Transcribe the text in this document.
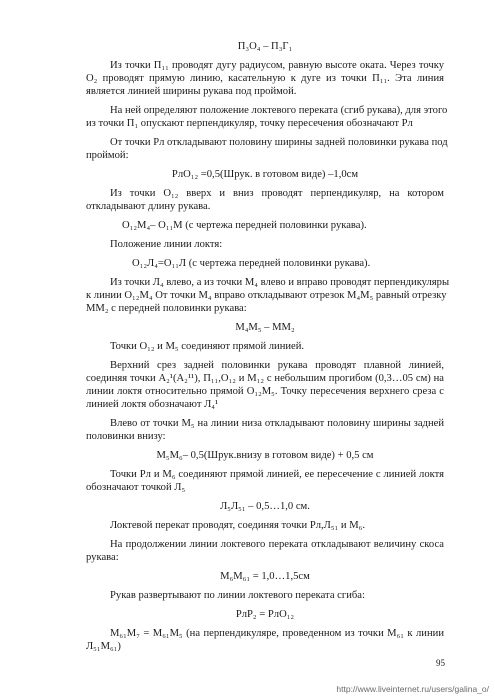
П₃О₄ – П₃Г₁
Из точки П₁₁ проводят дугу радиусом, равную высоте оката. Через точку
О₂ проводят прямую линию, касательную к дуге из точки П₁₁. Эта линия
является линией ширины рукава под проймой.
На ней определяют положение локтевого переката (сгиб рукава), для этого
из точки П₁ опускают перпендикуляр, точку пересечения обозначают Рл
От точки Рл откладывают половину ширины задней половинки рукава под
проймой:
РлО₁₂ =0,5(Шрук. в готовом виде) –1,0см
Из точки О₁₂ вверх и вниз проводят перпендикуляр, на котором
откладывают длину рукава.
О₁₂М₄– О₁₁М (с чертежа передней половинки рукава).
Положение линии локтя:
О₁₂Л₄=О₁₁Л (с чертежа передней половинки рукава).
Из точки Л₄ влево, а из точки М₄ влево и вправо проводят перпендикуляры
к линии О₁₂М₄ От точки М₄ вправо откладывают отрезок М₄М₅ равный отрезку
ММ₂ с передней половинки рукава:
М₄М₅ – ММ₂
Точки О₁₂ и М₅ соединяют прямой линией.
Верхний срез задней половинки рукава проводят плавной линией,
соединяя точки А₂¹(А₂¹¹), П₁₁,О₁₂ и М₁₂ с небольшим прогибом (0,3…05 см) на
линии локтя относительно прямой О₁₂М₅. Точку пересечения верхнего среза с
линией локтя обозначают Л₄¹
Влево от точки М₅ на линии низа откладывают половину ширины задней
половинки внизу:
М₅М₆– 0,5(Шрук.внизу в готовом виде) + 0,5 см
Точки Рл и М₆ соединяют прямой линией, ее пересечение с линией локтя
обозначают точкой Л₅
Л₅Л₅₁ – 0,5…1,0 см.
Локтевой перекат проводят, соединяя точки Рл,Л₅₁ и М₆.
На продолжении линии локтевого переката откладывают величину скоса
рукава:
М₆М₆₁ = 1,0…1,5см
Рукав развертывают по линии локтевого переката сгиба:
РлР₂ = РлО₁₂
М₆₁М₇ = М₆₁М₅ (на перпендикуляре, проведенном из точки М₆₁ к линии
Л₅₁М₆₁)
95
http://www.liveinternet.ru/users/galina_o/
